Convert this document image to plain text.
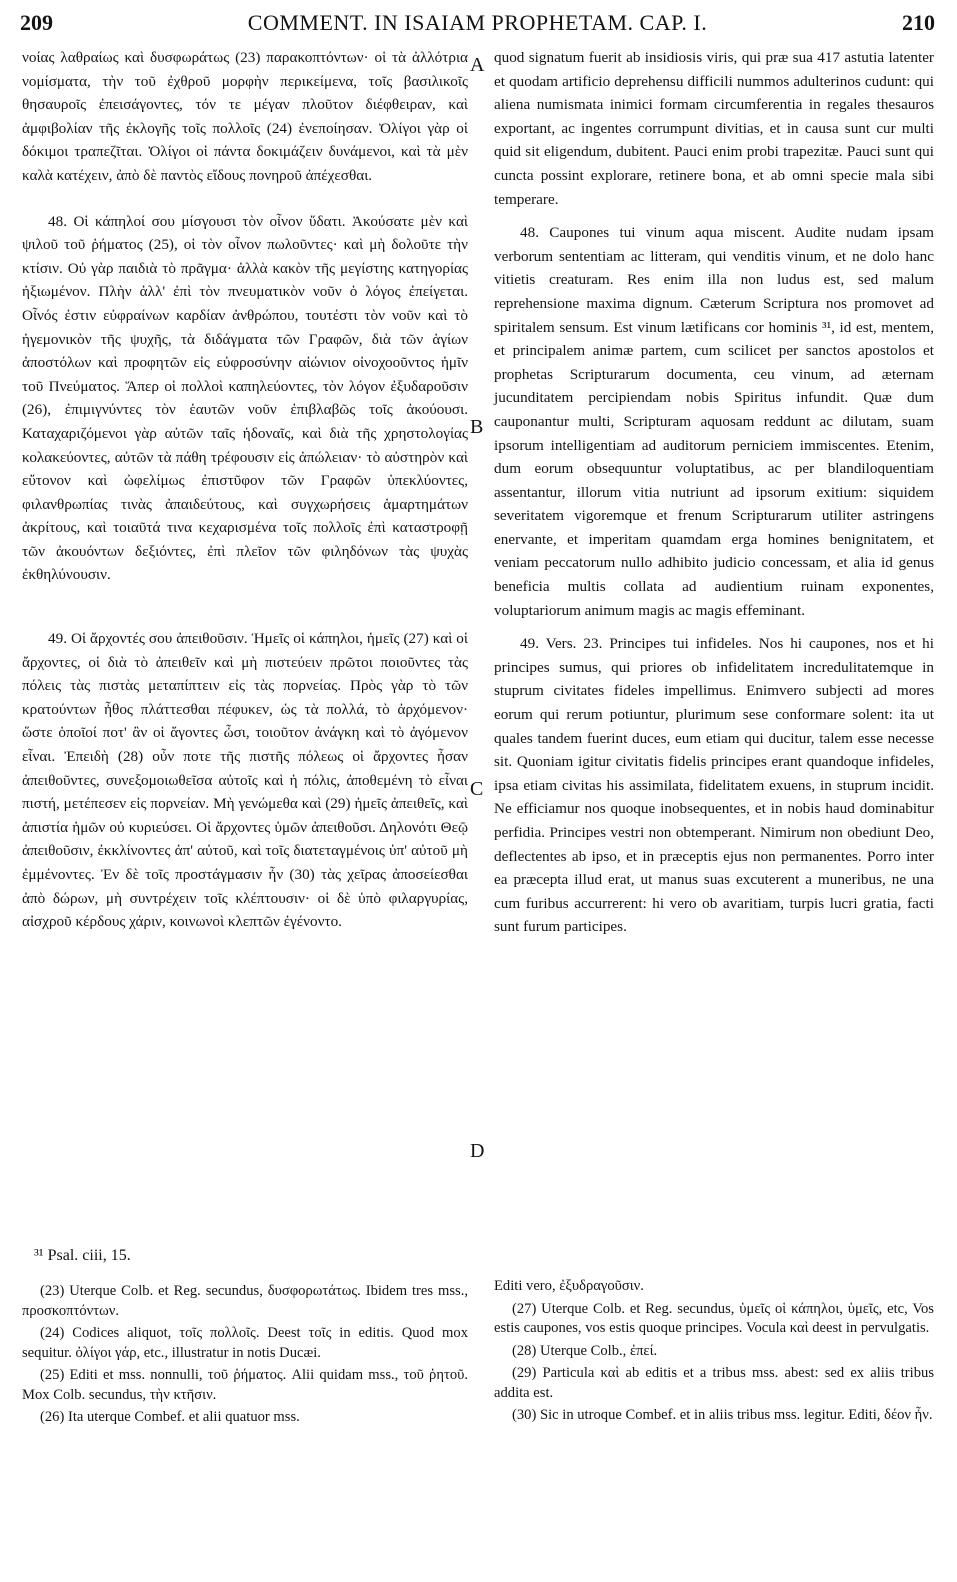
209	COMMENT. IN ISAIAM PROPHETAM. CAP. I.	210

νοίας λαθραίως καὶ δυσφωράτως (23) παρακοπτόντων· οἱ τὰ ἀλλότρια νομίσματα, τὴν τοῦ ἐχθροῦ μορφὴν περικείμενα, τοῖς βασιλικοῖς θησαυροῖς ἐπεισάγοντες, τόν τε μέγαν πλοῦτον διέφθειραν, καὶ ἀμφιβολίαν τῆς ἐκλογῆς τοῖς πολλοῖς (24) ἐνεποίησαν. Ὀλίγοι γὰρ οἱ δόκιμοι τραπεζῖται. Ὀλίγοι οἱ πάντα δοκιμάζειν δυνάμενοι, καὶ τὰ μὲν καλὰ κατέχειν, ἀπὸ δὲ παντὸς εἴδους πονηροῦ ἀπέχεσθαι.

48. Οἱ κάπηλοί σου μίσγουσι τὸν οἶνον ὕδατι. Ἀκούσατε μὲν καὶ ψιλοῦ τοῦ ῥήματος (25), οἱ τὸν οἶνον πωλοῦντες· καὶ μὴ δολοῦτε τὴν κτίσιν. Οὐ γὰρ παιδιὰ τὸ πρᾶγμα· ἀλλὰ κακὸν τῆς μεγίστης κατηγορίας ἠξιωμένον. Πλὴν ἀλλ' ἐπὶ τὸν πνευματικὸν νοῦν ὁ λόγος ἐπείγεται. Οἶνός ἐστιν εὐφραίνων καρδίαν ἀνθρώπου, τουτέστι τὸν νοῦν καὶ τὸ ἡγεμονικὸν τῆς ψυχῆς, τὰ διδάγματα τῶν Γραφῶν, διὰ τῶν ἁγίων ἀποστόλων καὶ προφητῶν εἰς εὐφροσύνην αἰώνιον οἰνοχοοῦντος ἡμῖν τοῦ Πνεύματος. Ἅπερ οἱ πολλοὶ καπηλεύοντες, τὸν λόγον ἐξυδαροῦσιν (26), ἐπιμιγνύντες τὸν ἑαυτῶν νοῦν ἐπιβλαβῶς τοῖς ἀκούουσι. Καταχαριζόμενοι γὰρ αὐτῶν ταῖς ἡδοναῖς, καὶ διὰ τῆς χρηστολογίας κολακεύοντες, αὐτῶν τὰ πάθη τρέφουσιν εἰς ἀπώλειαν· τὸ αὐστηρὸν καὶ εὔτονον καὶ ὠφελίμως ἐπιστῦφον τῶν Γραφῶν ὑπεκλύοντες, φιλανθρωπίας τινὰς ἀπαιδεύτους, καὶ συγχωρήσεις ἁμαρτημάτων ἀκρίτους, καὶ τοιαῦτά τινα κεχαρισμένα τοῖς πολλοῖς ἐπὶ καταστροφῇ τῶν ἀκουόντων δεξιόντες, ἐπὶ πλεῖον τῶν φιληδόνων τὰς ψυχὰς ἐκθηλύνουσιν.

49. Οἱ ἄρχοντές σου ἀπειθοῦσιν. Ἡμεῖς οἱ κάπηλοι, ἡμεῖς (27) καὶ οἱ ἄρχοντες, οἱ διὰ τὸ ἀπειθεῖν καὶ μὴ πιστεύειν πρῶτοι ποιοῦντες τὰς πόλεις τὰς πιστὰς μεταπίπτειν εἰς τὰς πορνείας. Πρὸς γὰρ τὸ τῶν κρατούντων ἦθος πλάττεσθαι πέφυκεν, ὡς τὰ πολλά, τὸ ἀρχόμενον· ὥστε ὁποῖοί ποτ' ἂν οἱ ἄγοντες ὦσι, τοιοῦτον ἀνάγκη καὶ τὸ ἀγόμενον εἶναι. Ἐπειδὴ (28) οὖν ποτε τῆς πιστῆς πόλεως οἱ ἄρχοντες ἦσαν ἀπειθοῦντες, συνεξομοιωθεῖσα αὐτοῖς καὶ ἡ πόλις, ἀποθεμένη τὸ εἶναι πιστή, μετέπεσεν εἰς πορνείαν. Μὴ γενώμεθα καὶ (29) ἡμεῖς ἀπειθεῖς, καὶ ἀπιστία ἡμῶν οὐ κυριεύσει. Οἱ ἄρχοντες ὑμῶν ἀπειθοῦσι. Δηλονότι Θεῷ ἀπειθοῦσιν, ἐκκλίνοντες ἀπ' αὐτοῦ, καὶ τοῖς διατεταγμένοις ὑπ' αὐτοῦ μὴ ἐμμένοντες. Ἐν δὲ τοῖς προστάγμασιν ἦν (30) τὰς χεῖρας ἀποσείεσθαι ἀπὸ δώρων, μὴ συντρέχειν τοῖς κλέπτουσιν· οἱ δὲ ὑπὸ φιλαργυρίας, αἰσχροῦ κέρδους χάριν, κοινωνοὶ κλεπτῶν ἐγένοντο.

quod signatum fuerit ab insidiosis viris, qui præ sua 417 astutia latenter et quodam artificio deprehensu difficili nummos adulterinos cudunt: qui aliena numismata inimici formam circumferentia in regales thesauros exportant, ac ingentes corrumpunt divitias, et in causa sunt cur multi quid sit eligendum, dubitent. Pauci enim probi trapezitæ. Pauci sunt qui cuncta possint explorare, retinere bona, et ab omni specie mala sibi temperare.

48. Caupones tui vinum aqua miscent. Audite nudam ipsam verborum sententiam ac litteram, qui venditis vinum, et ne dolo hanc vitietis creaturam. Res enim illa non ludus est, sed malum reprehensione maxima dignum. Cæterum Scriptura nos promovet ad spiritalem sensum. Est vinum lætificans cor hominis ³¹, id est, mentem, et principalem animæ partem, cum scilicet per sanctos apostolos et prophetas Scripturarum documenta, ceu vinum, ad æternam jucunditatem percipiendam nobis Spiritus infundit. Quæ dum cauponantur multi, Scripturam aquosam reddunt ac dilutam, suam ipsorum intelligentiam ad auditorum perniciem immiscentes. Etenim, dum eorum obsequuntur voluptatibus, ac per blandiloquentiam assentantur, illorum vitia nutriunt ad ipsorum exitium: siquidem severitatem vigoremque et frenum Scripturarum utiliter astringens enervante, et imperitam quamdam erga homines benignitatem, et veniam peccatorum nullo adhibito judicio concessam, et alia id genus beneficia multis collata ad audientium ruinam exponentes, voluptariorum animum magis ac magis effeminant.

49. Vers. 23. Principes tui infideles. Nos hi caupones, nos et hi principes sumus, qui priores ob infidelitatem incredulitatemque in stuprum civitates fideles impellimus. Enimvero subjecti ad mores eorum qui rerum potiuntur, plurimum sese conformare solent: ita ut quales tandem fuerint duces, eum etiam qui ducitur, talem esse necesse sit. Quoniam igitur civitatis fidelis principes erant quandoque infideles, ipsa etiam civitas his assimilata, fidelitatem exuens, in stuprum incidit. Ne efficiamur nos quoque inobsequentes, et in nobis haud dominabitur perfidia. Principes vestri non obtemperant. Nimirum non obediunt Deo, deflectentes ab ipso, et in præceptis ejus non permanentes. Porro inter ea præcepta illud erat, ut manus suas excuterent a muneribus, ne una cum furibus accurrerent: hi vero ob avaritiam, turpis lucri gratia, facti sunt furum participes.

A
B
C
D
³¹ Psal. ciii, 15.

(23) Uterque Colb. et Reg. secundus, δυσφορωτάτως. Ibidem tres mss., προσκοπτόντων.

(24) Codices aliquot, τοῖς πολλοῖς. Deest τοῖς in editis. Quod mox sequitur. ὀλίγοι γάρ, etc., illustratur in notis Ducæi.

(25) Editi et mss. nonnulli, τοῦ ῥήματος. Alii quidam mss., τοῦ ῥητοῦ. Mox Colb. secundus, τὴν κτῆσιν.

(26) Ita uterque Combef. et alii quatuor mss.

Editi vero, ἐξυδραγοῦσιν.

(27) Uterque Colb. et Reg. secundus, ὑμεῖς οἱ κάπηλοι, ὑμεῖς, etc, Vos estis caupones, vos estis quoque principes. Vocula καὶ deest in pervulgatis.

(28) Uterque Colb., ἐπεί.

(29) Particula καὶ ab editis et a tribus mss. abest: sed ex aliis tribus addita est.

(30) Sic in utroque Combef. et in aliis tribus mss. legitur. Editi, δέον ἦν.
